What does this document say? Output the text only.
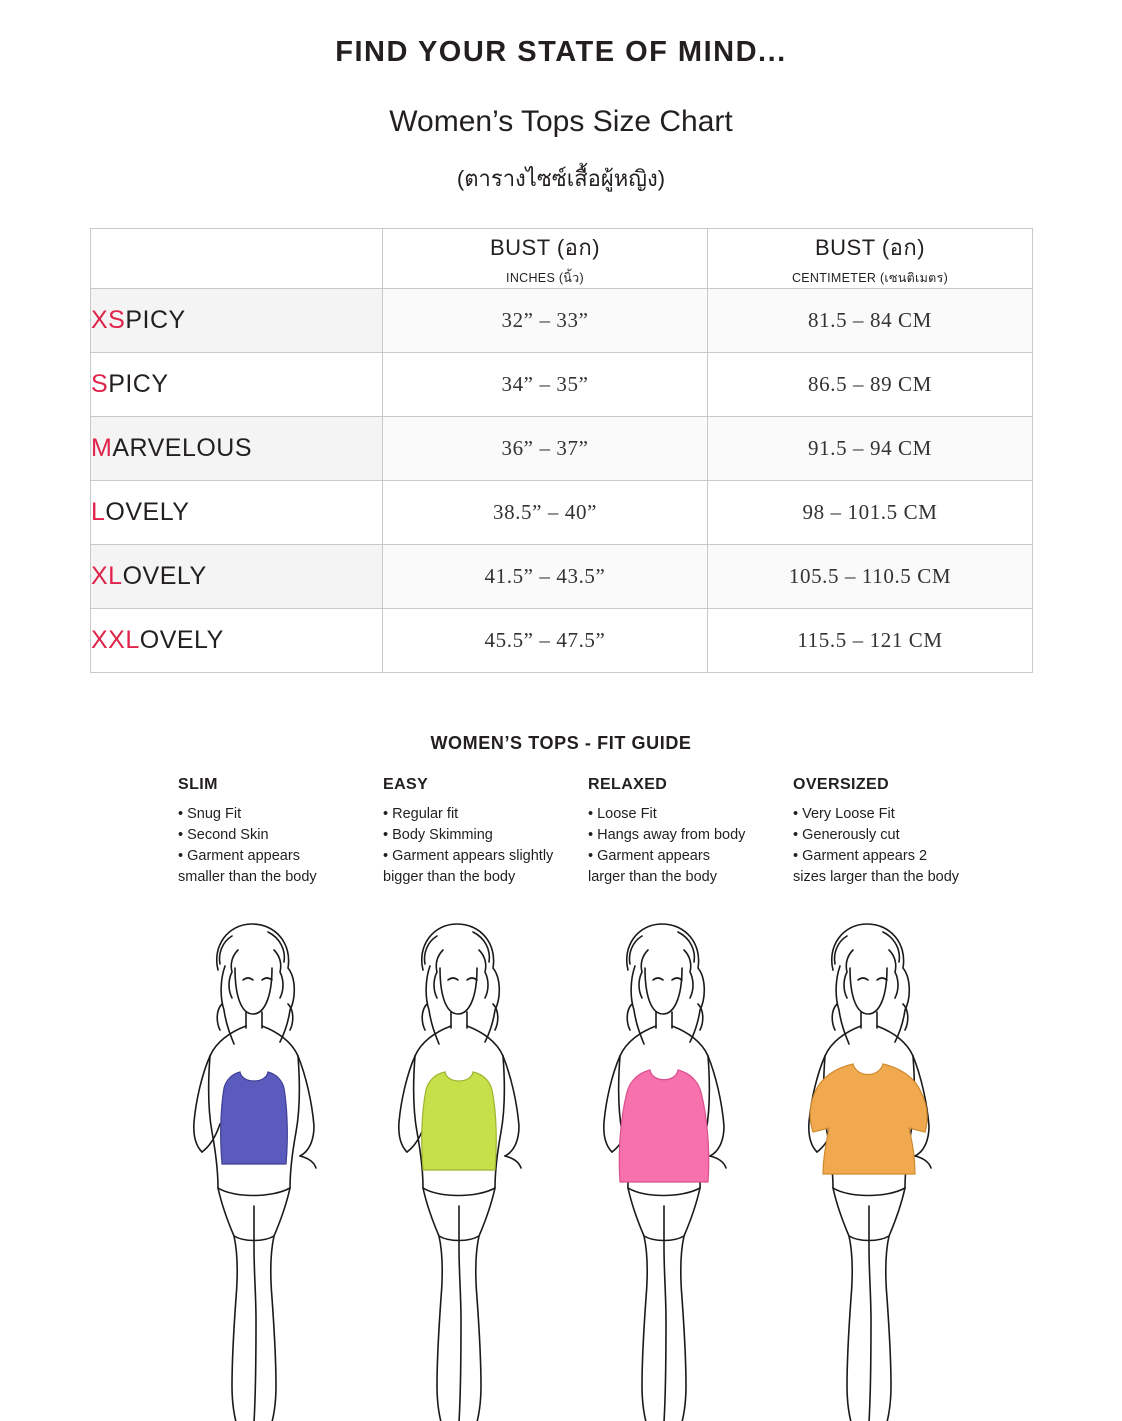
FIND YOUR STATE OF MIND...
Women’s Tops Size Chart
(ตารางไซซ์เสื้อผู้หญิง)

BUST (อก)
INCHES (นิ้ว)

BUST (อก)
CENTIMETER (เซนติเมตร)

XSPICY	32” – 33”	81.5 – 84 CM
SPICY	34” – 35”	86.5 – 89 CM
MARVELOUS	36” – 37”	91.5 – 94 CM
LOVELY	38.5” – 40”	98 – 101.5 CM
XLOVELY	41.5” – 43.5”	105.5 – 110.5 CM
XXLOVELY	45.5” – 47.5”	115.5 – 121 CM
WOMEN’S TOPS - FIT GUIDE
SLIM
• Snug Fit
• Second Skin
• Garment appears
smaller than the body
EASY
• Regular fit
• Body Skimming
• Garment appears slightly
bigger than the body
RELAXED
• Loose Fit
• Hangs away from body
• Garment appears
larger than the body
OVERSIZED
• Very Loose Fit
• Generously cut
• Garment appears 2
sizes larger than the body
